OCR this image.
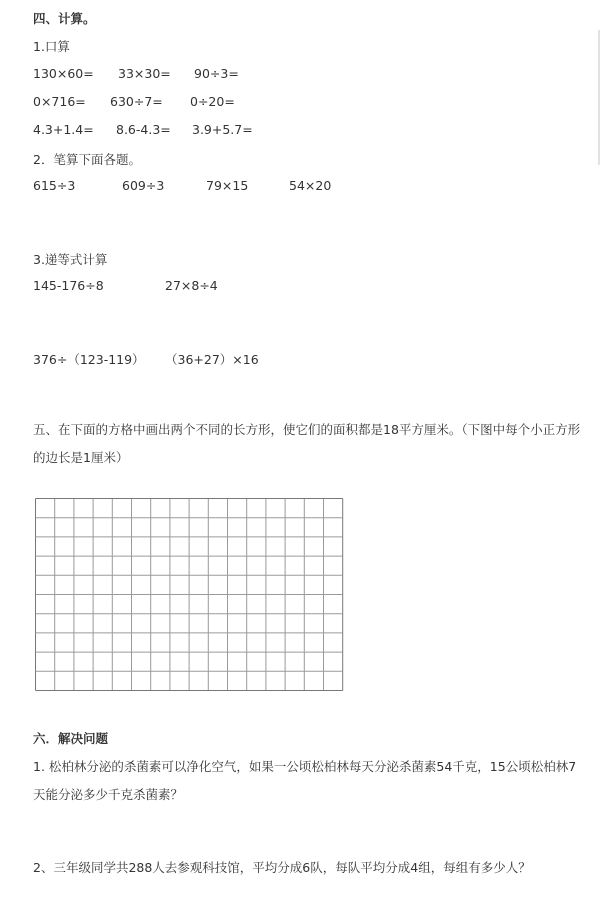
四、计算。
1.口算
130×60= 33×30= 90÷3=
0×716= 630÷7= 0÷20=
4.3+1.4= 8.6-4.3= 3.9+5.7=
2．笔算下面各题。
615÷3	609÷3	79×15	54×20
3.递等式计算
145-176÷8	27×8÷4
376÷（123-119） （36+27）×16
五、在下面的方格中画出两个不同的长方形，使它们的面积都是18平方厘米。（下图中每个小正方形的边长是1厘米）
六．解决问题
1. 松柏林分泌的杀菌素可以净化空气，如果一公顷松柏林每天分泌杀菌素54千克，15公顷松柏林7天能分泌多少千克杀菌素？
2、三年级同学共288人去参观科技馆，平均分成6队，每队平均分成4组，每组有多少人？
